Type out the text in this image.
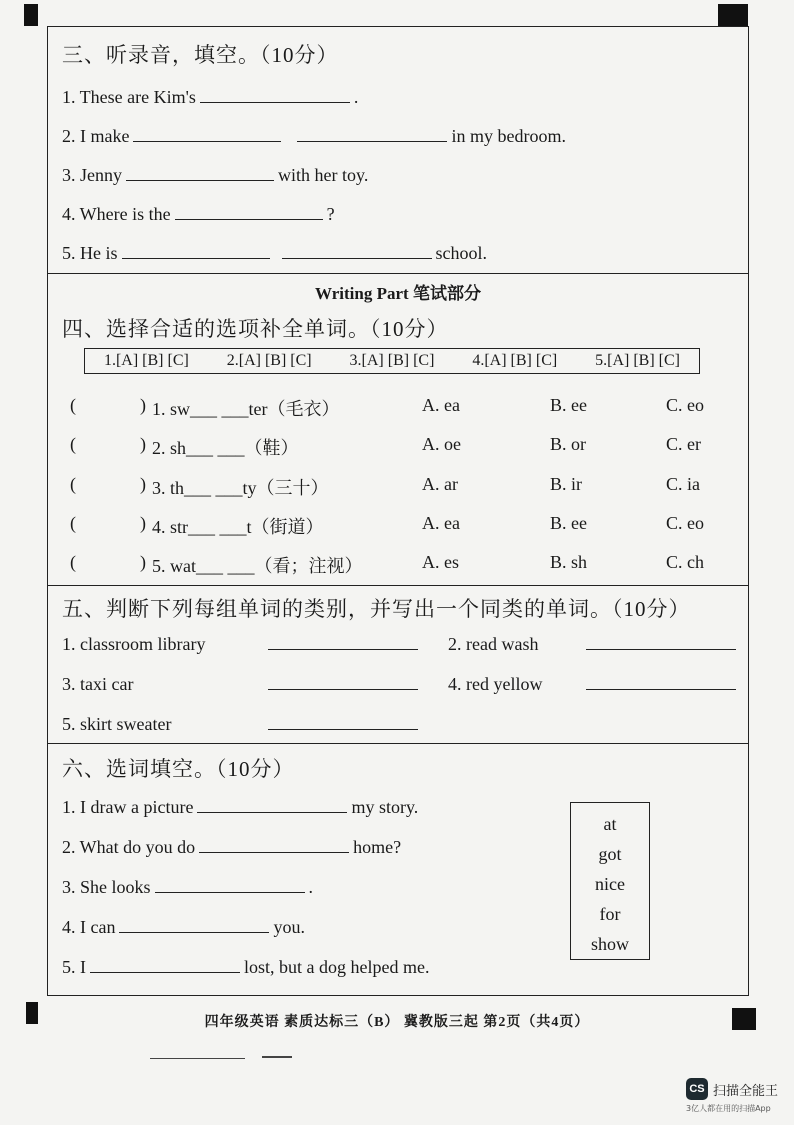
三、听录音，填空。（10分）
1. These are Kim's	.
2. I make	in my bedroom.
3. Jenny	with her toy.
4. Where is the	?
5. He is	school.
Writing Part 笔试部分
四、选择合适的选项补全单词。（10分）
1.[A] [B] [C] 2.[A] [B] [C] 3.[A] [B] [C] 4.[A] [B] [C] 5.[A] [B] [C]
(	) 1. sw___ ___ter（毛衣）	A. ea	B. ee	C. eo
(	) 2. sh___ ___（鞋）	A. oe	B. or	C. er
(	) 3. th___ ___ty（三十）	A. ar	B. ir	C. ia
(	) 4. str___ ___t（街道）	A. ea	B. ee	C. eo
(	) 5. wat___ ___（看；注视）	A. es	B. sh	C. ch
五、判断下列每组单词的类别，并写出一个同类的单词。（10分）
1. classroom library	2. read wash
3. taxi car	4. red yellow
5. skirt sweater
六、选词填空。（10分）
1. I draw a picture	my story.
2. What do you do	home?
3. She looks	.
4. I can	you.
5. I	lost, but a dog helped me.
at
got
nice
for
show
四年级英语 素质达标三（B） 冀教版三起 第2页（共4页）
CS 扫描全能王
3亿人都在用的扫描App
